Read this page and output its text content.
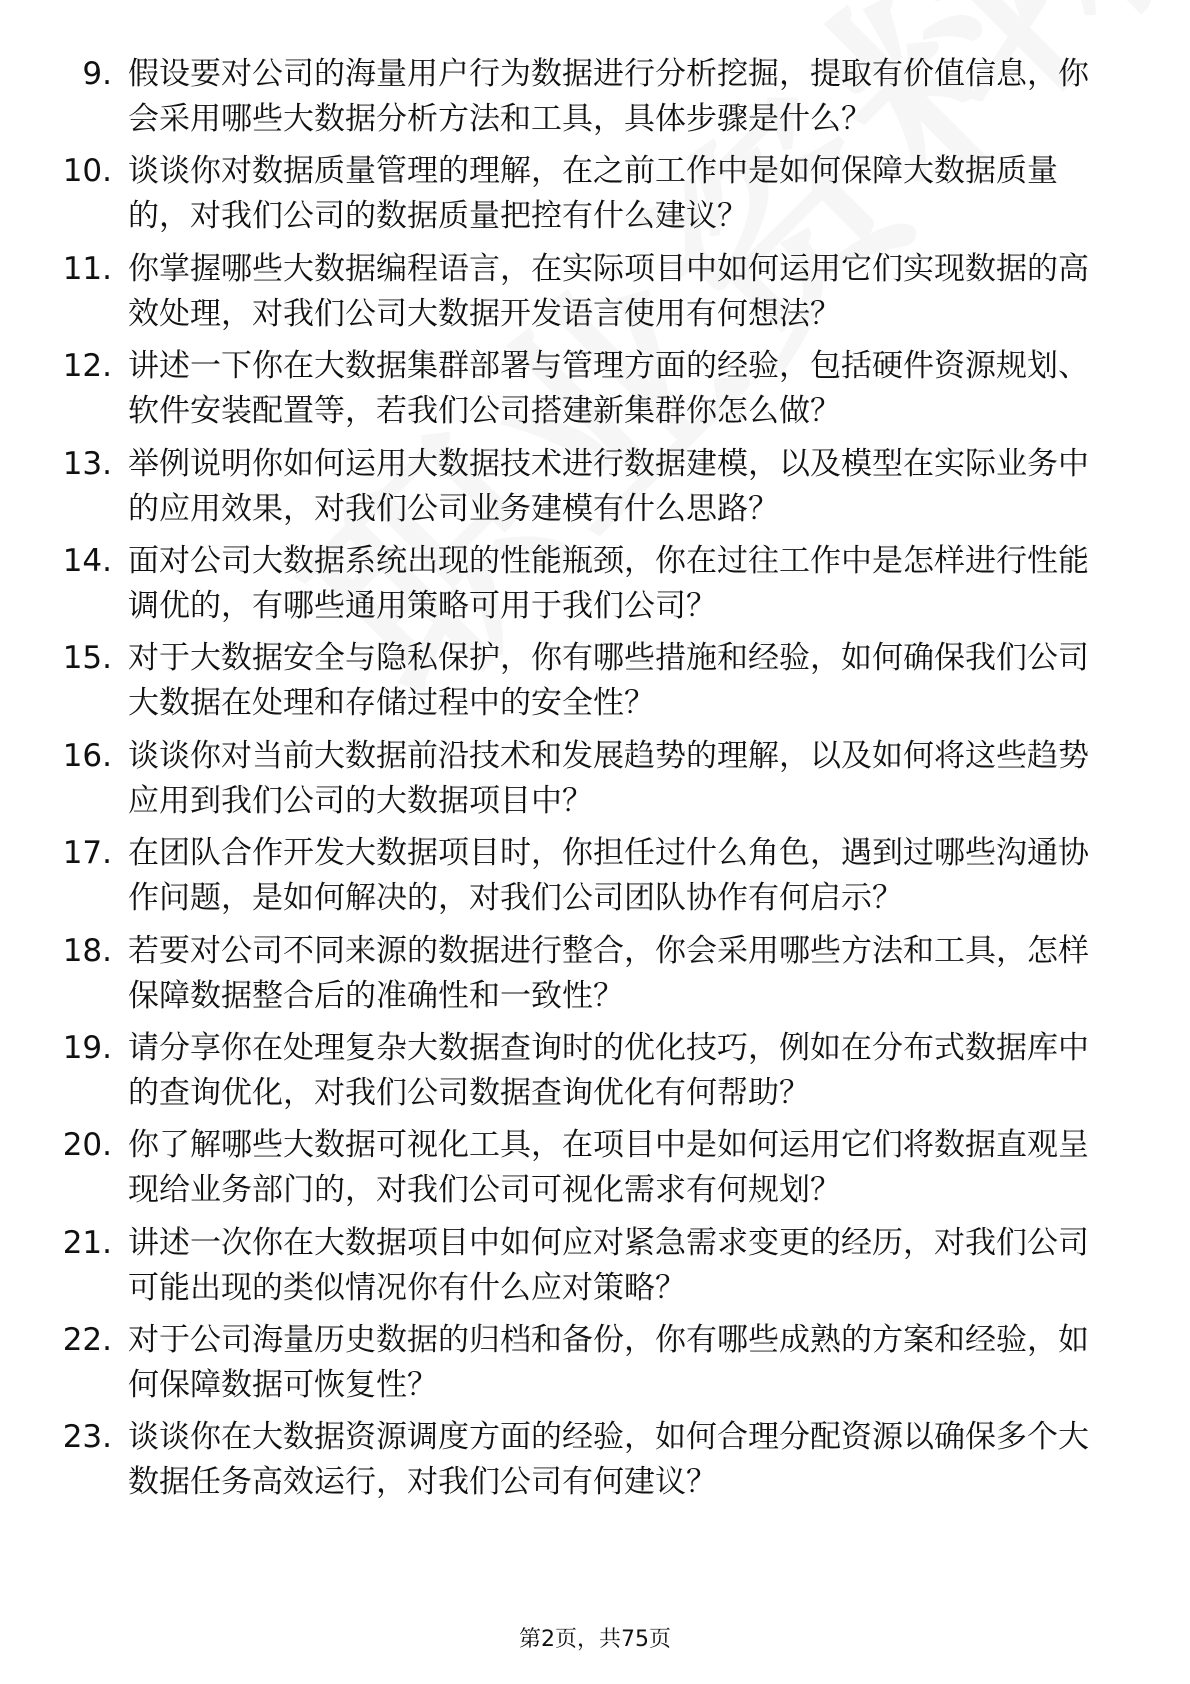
9. 假设要对公司的海量用户行为数据进行分析挖掘，提取有价值信息，你会采用哪些大数据分析方法和工具，具体步骤是什么？
10. 谈谈你对数据质量管理的理解，在之前工作中是如何保障大数据质量的，对我们公司的数据质量把控有什么建议？
11. 你掌握哪些大数据编程语言，在实际项目中如何运用它们实现数据的高效处理，对我们公司大数据开发语言使用有何想法？
12. 讲述一下你在大数据集群部署与管理方面的经验，包括硬件资源规划、软件安装配置等，若我们公司搭建新集群你怎么做？
13. 举例说明你如何运用大数据技术进行数据建模，以及模型在实际业务中的应用效果，对我们公司业务建模有什么思路？
14. 面对公司大数据系统出现的性能瓶颈，你在过往工作中是怎样进行性能调优的，有哪些通用策略可用于我们公司？
15. 对于大数据安全与隐私保护，你有哪些措施和经验，如何确保我们公司大数据在处理和存储过程中的安全性？
16. 谈谈你对当前大数据前沿技术和发展趋势的理解，以及如何将这些趋势应用到我们公司的大数据项目中？
17. 在团队合作开发大数据项目时，你担任过什么角色，遇到过哪些沟通协作问题，是如何解决的，对我们公司团队协作有何启示？
18. 若要对公司不同来源的数据进行整合，你会采用哪些方法和工具，怎样保障数据整合后的准确性和一致性？
19. 请分享你在处理复杂大数据查询时的优化技巧，例如在分布式数据库中的查询优化，对我们公司数据查询优化有何帮助？
20. 你了解哪些大数据可视化工具，在项目中是如何运用它们将数据直观呈现给业务部门的，对我们公司可视化需求有何规划？
21. 讲述一次你在大数据项目中如何应对紧急需求变更的经历，对我们公司可能出现的类似情况你有什么应对策略？
22. 对于公司海量历史数据的归档和备份，你有哪些成熟的方案和经验，如何保障数据可恢复性？
23. 谈谈你在大数据资源调度方面的经验，如何合理分配资源以确保多个大数据任务高效运行，对我们公司有何建议？
第2页，共75页
